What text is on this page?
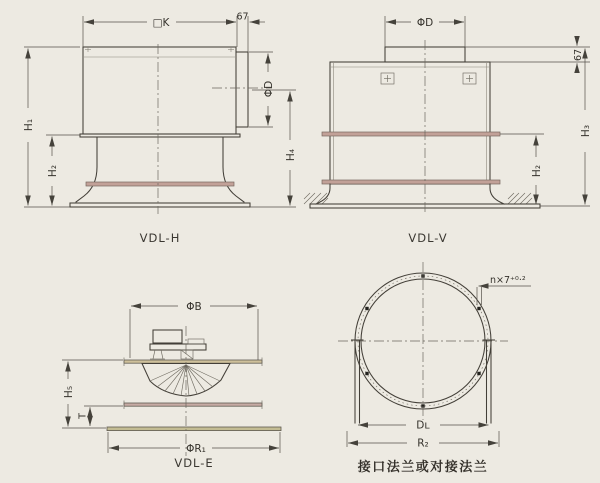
□K	67
H₁
H₂
ΦD
H₄
VDL-H
ΦD
67
H₃
H₂
VDL-V
ΦB
H₅
T
ΦR₁
VDL-E
n×7⁺⁰·²
Dʟ
R₂
接口法兰或对接法兰
